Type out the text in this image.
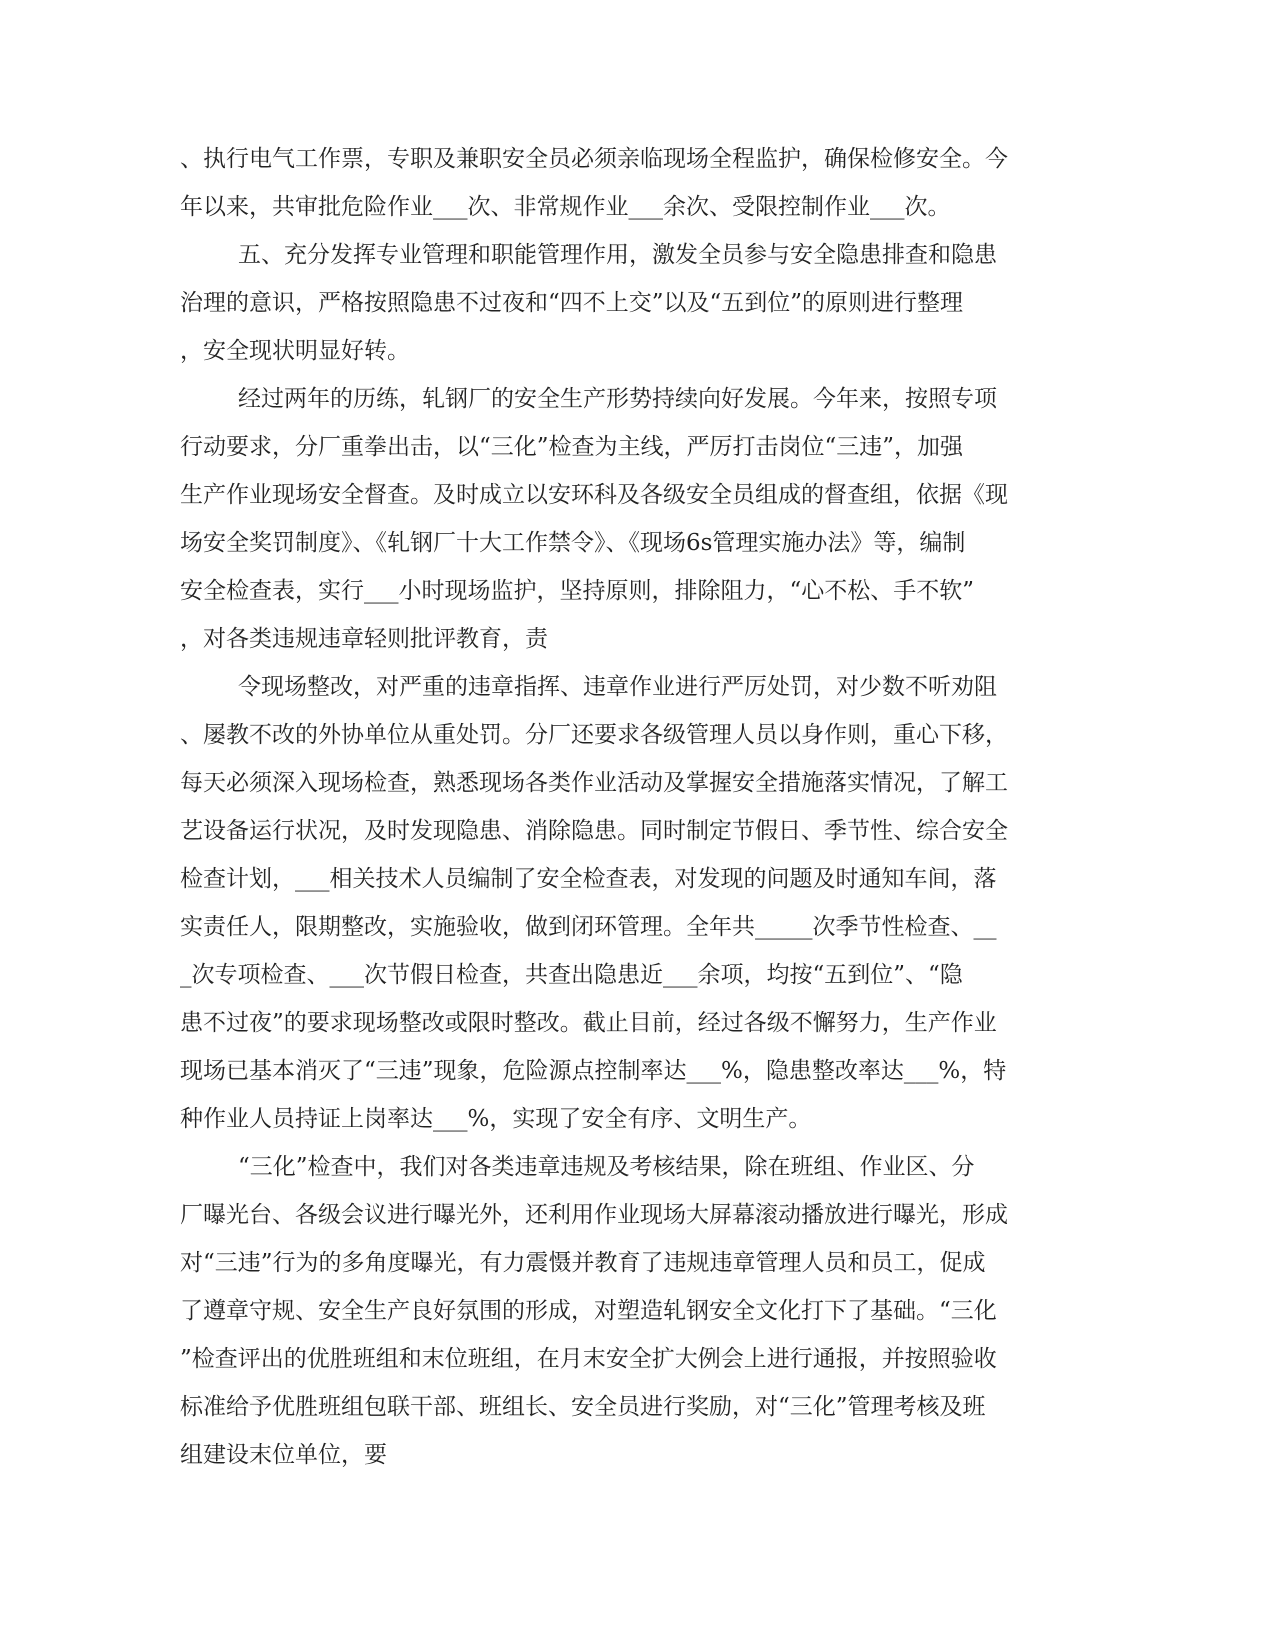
、执行电气工作票，专职及兼职安全员必须亲临现场全程监护，确保检修安全。今
年以来，共审批危险作业___次、非常规作业___余次、受限控制作业___次。
五、充分发挥专业管理和职能管理作用，激发全员参与安全隐患排查和隐患
治理的意识，严格按照隐患不过夜和“四不上交”以及“五到位”的原则进行整理
，安全现状明显好转。
经过两年的历练，轧钢厂的安全生产形势持续向好发展。今年来，按照专项
行动要求，分厂重拳出击，以“三化”检查为主线，严厉打击岗位“三违”，加强
生产作业现场安全督查。及时成立以安环科及各级安全员组成的督查组，依据《现
场安全奖罚制度》、《轧钢厂十大工作禁令》、《现场6s管理实施办法》等，编制
安全检查表，实行___小时现场监护，坚持原则，排除阻力，“心不松、手不软”
，对各类违规违章轻则批评教育，责
令现场整改，对严重的违章指挥、违章作业进行严厉处罚，对少数不听劝阻
、屡教不改的外协单位从重处罚。分厂还要求各级管理人员以身作则，重心下移，
每天必须深入现场检查，熟悉现场各类作业活动及掌握安全措施落实情况，了解工
艺设备运行状况，及时发现隐患、消除隐患。同时制定节假日、季节性、综合安全
检查计划，___相关技术人员编制了安全检查表，对发现的问题及时通知车间，落
实责任人，限期整改，实施验收，做到闭环管理。全年共_____次季节性检查、__
_次专项检查、___次节假日检查，共查出隐患近___余项，均按“五到位”、“隐
患不过夜”的要求现场整改或限时整改。截止目前，经过各级不懈努力，生产作业
现场已基本消灭了“三违”现象，危险源点控制率达___%，隐患整改率达___%，特
种作业人员持证上岗率达___%，实现了安全有序、文明生产。
“三化”检查中，我们对各类违章违规及考核结果，除在班组、作业区、分
厂曝光台、各级会议进行曝光外，还利用作业现场大屏幕滚动播放进行曝光，形成
对“三违”行为的多角度曝光，有力震慑并教育了违规违章管理人员和员工，促成
了遵章守规、安全生产良好氛围的形成，对塑造轧钢安全文化打下了基础。“三化
”检查评出的优胜班组和末位班组，在月末安全扩大例会上进行通报，并按照验收
标准给予优胜班组包联干部、班组长、安全员进行奖励，对“三化”管理考核及班
组建设末位单位，要
